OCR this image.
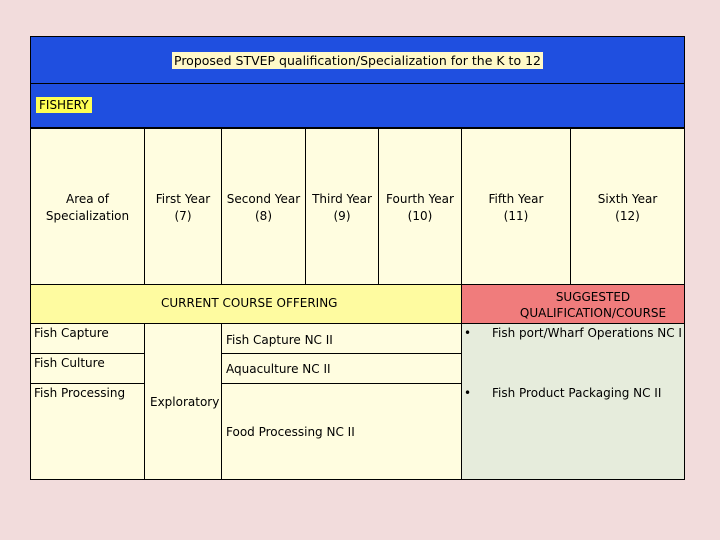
Proposed STVEP qualification/Specialization for the K to 12
FISHERY
Area of
Specialization
First Year
(7)
Second Year
(8)
Third Year
(9)
Fourth Year
(10)
Fifth Year
(11)
Sixth Year
(12)
CURRENT COURSE OFFERING	SUGGESTED
QUALIFICATION/COURSE
Fish Capture
Fish Culture
Fish Processing
Exploratory
Fish Capture NC II
Aquaculture NC II
Food Processing NC II
• Fish port/Wharf Operations NC I
• Fish Product Packaging NC II
